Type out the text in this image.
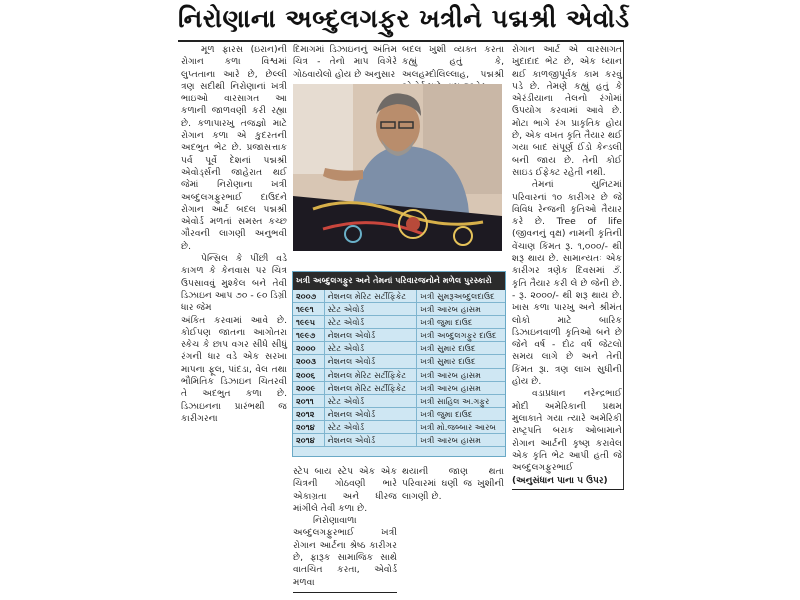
નિરોણાના અબ્દુલગફુર ખત્રીને પદ્મશ્રી એવોર્ડ

મૂળ ફારસ (ઇરાન)ની રોગાન કળા વિશ્વમાં લુપ્તતાના આરે છે, છેલ્લી ત્રણ સદીથી નિરોણાનાં ખત્રી ભાઇઓ વારસાગત આ કળાની જાળવણી કરી રહ્યા છે. કળાપારખુ તજજ્ઞો માટે રોગાન કળા એ કુદરતની અદભુત ભેટ છે. પ્રજાસત્તાક પર્વ પૂર્વે દેશનાં પદ્મશ્રી એવોર્ડ્સની જાહેરાત થઈ જેમાં નિરોણાના ખત્રી અબ્દુલગફુરભાઈ દાઉદને રોગાન આર્ટ બદલ પદ્મશ્રી એવોર્ડ મળતાં સમસ્ત કચ્છ ગૌરવની લાગણી અનુભવી છે.

પેન્સિલ કે પીંછી વડે કાગળ કે કેનવાસ પર ચિત્ર ઉપસાવવું મુશ્કેલ બને તેવી ડિઝાઇન આપ ૭૦ - ૯૦ ડિગ્રી ધાર જેમ

અંકિત કરવામાં આવે છે. કોઈપણ જાતના આગોતરા સ્કેચ કે છાપ વગર સીધે સીધું રંગની ધાર વડે એક સરખા માપના ફૂલ, પાંદડા, વેલ તથા ભૌમિતિક ડિઝાઇન ચિતરવી તે અદભુત કળા છે. ડિઝાઇનના પ્રારંભથી જ કારીગરના

દિમાગમાં ડિઝાઇનનું અંતિમ ચિત્ર - તેનો માપ વિગેરે ગોઠવાયેલો હોય છે અનુસાર

બદલ ખુશી વ્યક્ત કરતા કહ્યું હતું કે, અલહમ્દોલિલ્લાહ, પદ્મશ્રી

ખત્રી અબ્દુલગફુર અને તેમનાં પરિવારજનોને મળેલ પુરસ્કારો
૨૦૦૭	નેશનલ મેરિટ સર્ટીફિકેટ	ખત્રી સુમરૂઅબ્દુલદાઉદ
૧૯૯૧	સ્ટેટ એવોર્ડ	ખત્રી આરબ હાસમ
૧૯૯૫	સ્ટેટ એવોર્ડ	ખત્રી જુમા દાઉદ
૧૯૯૭	નેશનલ એવોર્ડ	ખત્રી અબ્દુલગફુર દાઉદ
૨૦૦૦	સ્ટેટ એવોર્ડ	ખત્રી સુમાર દાઉદ
૨૦૦૩	નેશનલ એવોર્ડ	ખત્રી સુમાર દાઉદ
૨૦૦૬	નેશનલ મેરિટ સર્ટીફિકેટ	ખત્રી આરબ હાસમ
૨૦૦૯	નેશનલ મેરિટ સર્ટીફિકેટ	ખત્રી આરબ હાસમ
૨૦૧૧	સ્ટેટ એવોર્ડ	ખત્રી સાહિલ અ.ગફુર
૨૦૧૨	નેશનલ એવોર્ડ	ખત્રી જુમા દાઉદ
૨૦૧૪	સ્ટેટ એવોર્ડ	ખત્રી મો.જબ્બાર આરબ
૨૦૧૪	નેશનલ એવોર્ડ	ખત્રી આરબ હાસમ

સ્ટેપ બાય સ્ટેપ એક એક ચિત્રની ગોઠવણી ભારે એકાગ્રતા અને ધીરજ માંગીલે તેવી કળા છે.

નિરોણાવાળા અબ્દુલગફુરભાઈ ખત્રી રોગાન આર્ટના શ્રેષ્ઠ કારીગર છે, ફારૂક સામાજિક સાથે વાતચિત કરતા, એવોર્ડ મળવા

થયાની જાણ થતા પરિવારમાં ઘણી જ ખુશીની લાગણી છે.

રોગાન આર્ટ એ વારસાગત ખુદાદાદ ભેટ છે, એક ધ્યાન થઈ કાળજીપૂર્વક કામ કરવું પડે છે. તેમણે કહ્યું હતું કે એરંડીયાના તેલનો રંગોમાં ઉપયોગ કરવામાં આવે છે. મોટા ભાગે રંગ પ્રાકૃતિક હોય છે, એક વખત કૃતિ તૈયાર થઈ ગયા બાદ સંપૂર્ણ ઈંડો કેન્ડલી બની જાય છે. તેની કોઈ સાઇડ ઈફેક્ટ રહેતી નથી.

તેમનાં યુનિટમાં પરિવારનાં ૧૦ કારીગર છે જે વિવિધ રેન્જની કૃતિઓ તૈયાર કરે છે. Tree of life (જીવનનું વૃક્ષ) નામની કૃતિની વેંચાણ કિંમત રૂ. ૧,૦૦૦/- થી શરૂ થાય છે. સામાન્યતઃ એક કારીગર ત્રણેક દિવસમાં ૭ઁ. કૃતિ તૈયાર કરી લે છે જેની છે. - રૂ. ૨૦૦૦/- થી શરૂ થાય છે. ખાસ કળા પારખુ અને શ્રીમંત લોકો માટે બારિક ડિઝાઇનવાળી કૃતિઓ બને છે જેને વર્ષ - દોઢ વર્ષ જેટલો સમય લાગે છે અને તેની કિંમત રૂા. ત્રણ લાખ સુધીની હોય છે.

વડાપ્રધાન નરેન્દ્રભાઈ મોદી અમેરિકાની પ્રથમ મુલાકાતે ગયા ત્યારે અમેરિકી રાષ્ટ્રપતિ બરાક ઓબામાને રોગાન આર્ટની કૃષ્ણ કરાવેલ એક કૃતિ ભેટ આપી હતી જે અબ્દુલગફુરભાઈ

(અનુસંધાન પાના ૫ ઉપર)
